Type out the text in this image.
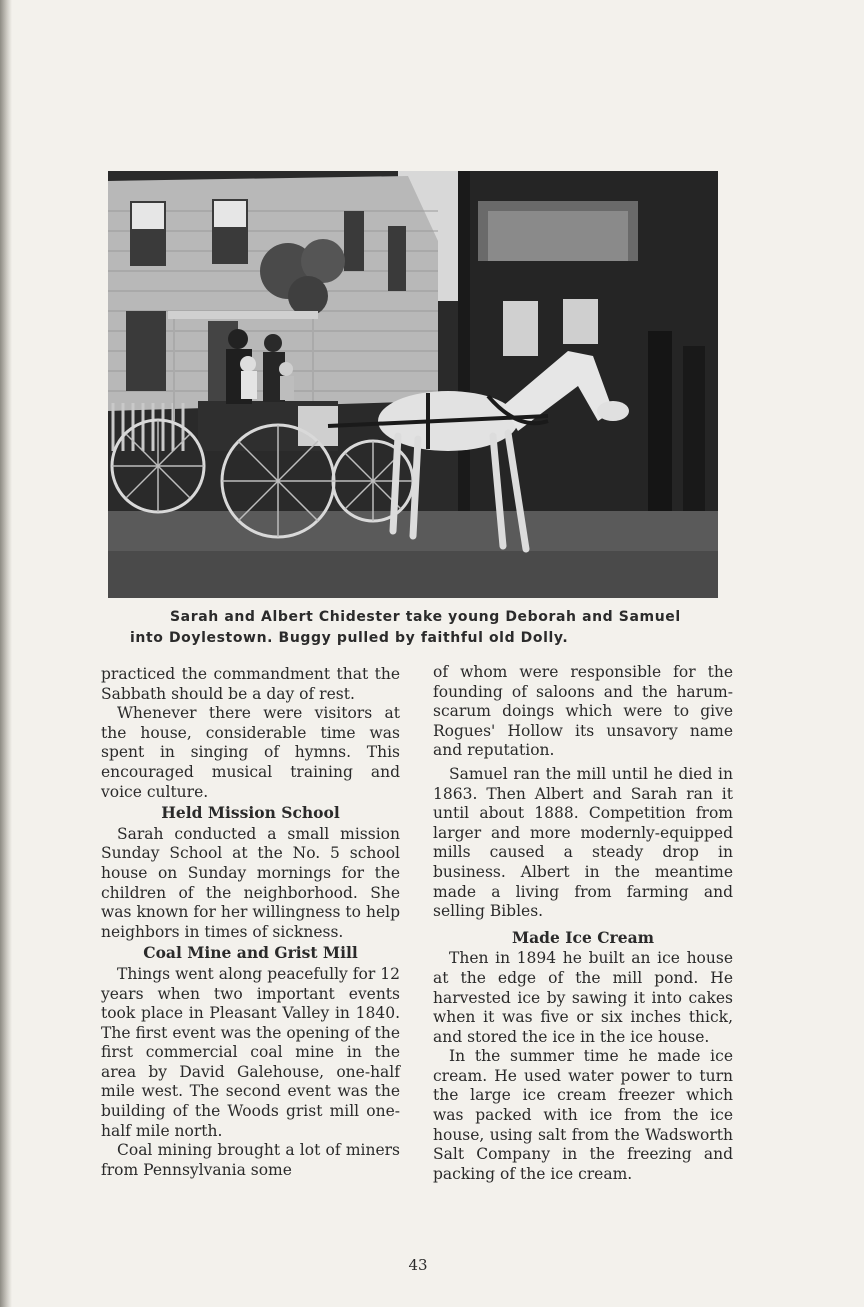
Sarah and Albert Chidester take young Deborah and Samuel

into Doylestown. Buggy pulled by faithful old Dolly.

practiced the commandment that the Sabbath should be a day of rest.

Whenever there were visitors at the house, considerable time was spent in singing of hymns. This encouraged musical training and voice culture.

Held Mission School

Sarah conducted a small mission Sunday School at the No. 5 school house on Sunday mornings for the children of the neighborhood. She was known for her willingness to help neighbors in times of sickness.

Coal Mine and Grist Mill

Things went along peacefully for 12 years when two important events took place in Pleasant Valley in 1840. The first event was the opening of the first commercial coal mine in the area by David Galehouse, one-half mile west. The second event was the building of the Woods grist mill one-half mile north.

Coal mining brought a lot of miners from Pennsylvania some

of whom were responsible for the founding of saloons and the harum-scarum doings which were to give Rogues' Hollow its unsavory name and reputation.

Samuel ran the mill until he died in 1863. Then Albert and Sarah ran it until about 1888. Competition from larger and more modernly-equipped mills caused a steady drop in business. Albert in the meantime made a living from farming and selling Bibles.

Made Ice Cream

Then in 1894 he built an ice house at the edge of the mill pond. He harvested ice by sawing it into cakes when it was five or six inches thick, and stored the ice in the ice house.

In the summer time he made ice cream. He used water power to turn the large ice cream freezer which was packed with ice from the ice house, using salt from the Wadsworth Salt Company in the freezing and packing of the ice cream.

43
